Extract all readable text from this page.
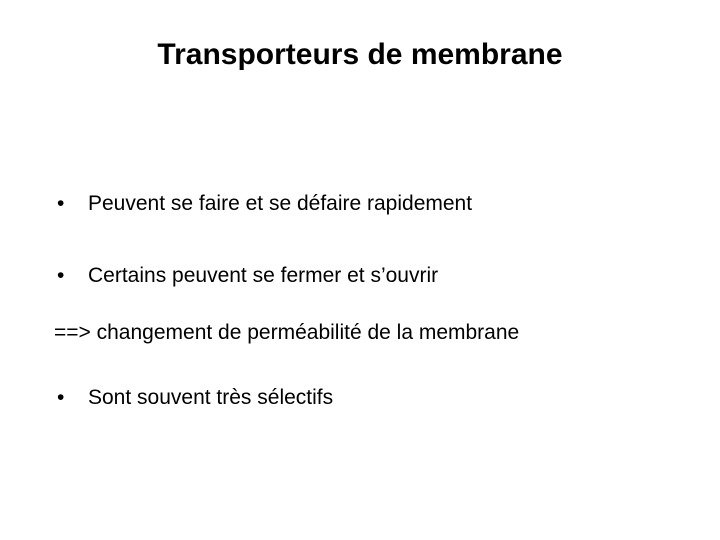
Transporteurs de membrane
• Peuvent se faire et se défaire rapidement
• Certains peuvent se fermer et s’ouvrir
==> changement de perméabilité de la membrane
• Sont souvent très sélectifs
